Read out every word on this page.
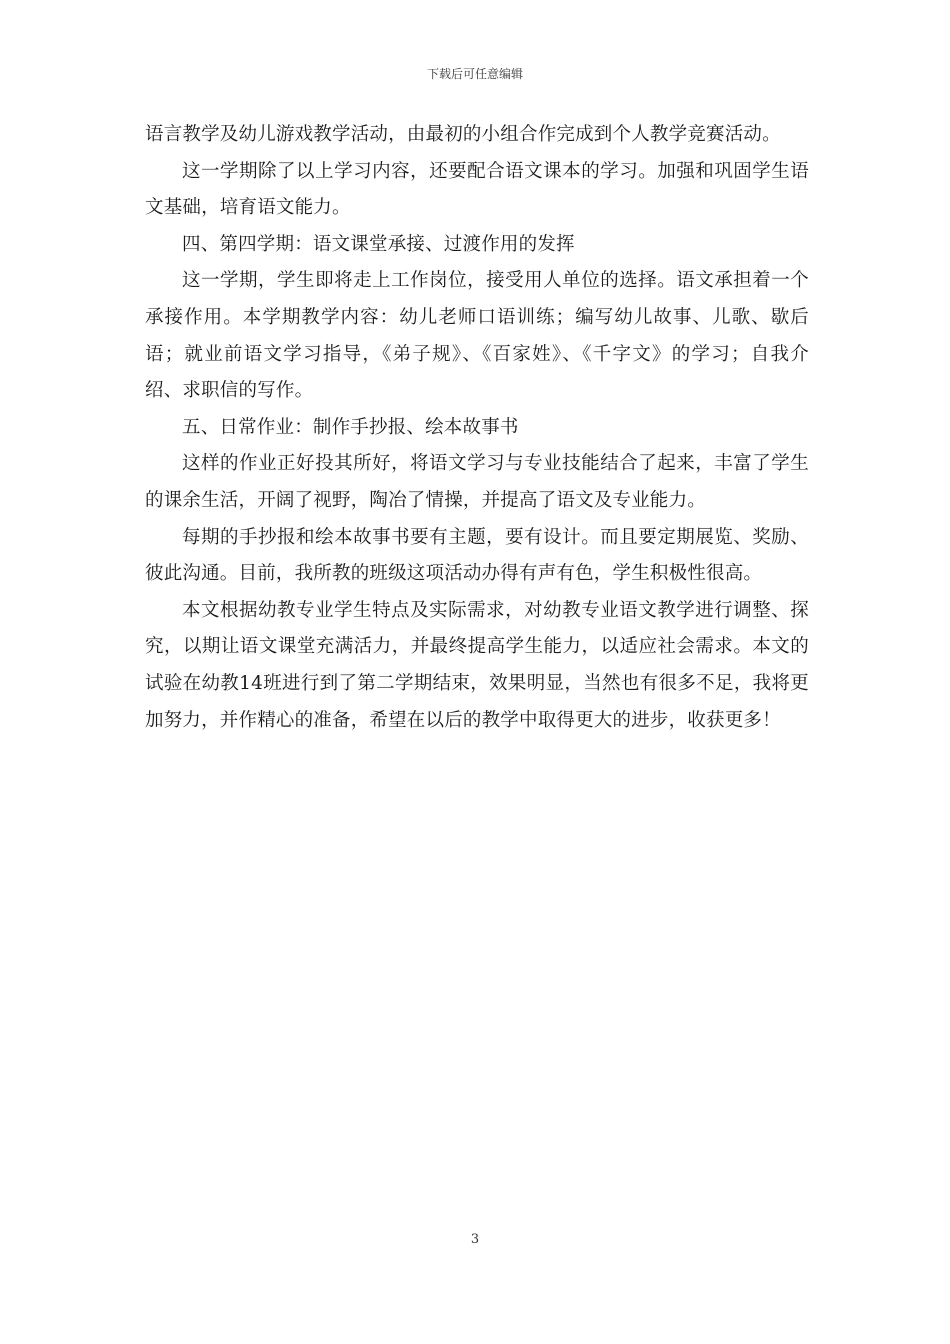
下载后可任意编辑

语言教学及幼儿游戏教学活动，由最初的小组合作完成到个人教学竞赛活动。

这一学期除了以上学习内容，还要配合语文课本的学习。加强和巩固学生语文基础，培育语文能力。

四、第四学期：语文课堂承接、过渡作用的发挥

这一学期，学生即将走上工作岗位，接受用人单位的选择。语文承担着一个承接作用。本学期教学内容：幼儿老师口语训练；编写幼儿故事、儿歌、歇后语；就业前语文学习指导，《弟子规》、《百家姓》、《千字文》的学习；自我介绍、求职信的写作。

五、日常作业：制作手抄报、绘本故事书

这样的作业正好投其所好，将语文学习与专业技能结合了起来，丰富了学生的课余生活，开阔了视野，陶冶了情操，并提高了语文及专业能力。

每期的手抄报和绘本故事书要有主题，要有设计。而且要定期展览、奖励、彼此沟通。目前，我所教的班级这项活动办得有声有色，学生积极性很高。

本文根据幼教专业学生特点及实际需求，对幼教专业语文教学进行调整、探究，以期让语文课堂充满活力，并最终提高学生能力，以适应社会需求。本文的试验在幼教14班进行到了第二学期结束，效果明显，当然也有很多不足，我将更加努力，并作精心的准备，希望在以后的教学中取得更大的进步，收获更多！

3
